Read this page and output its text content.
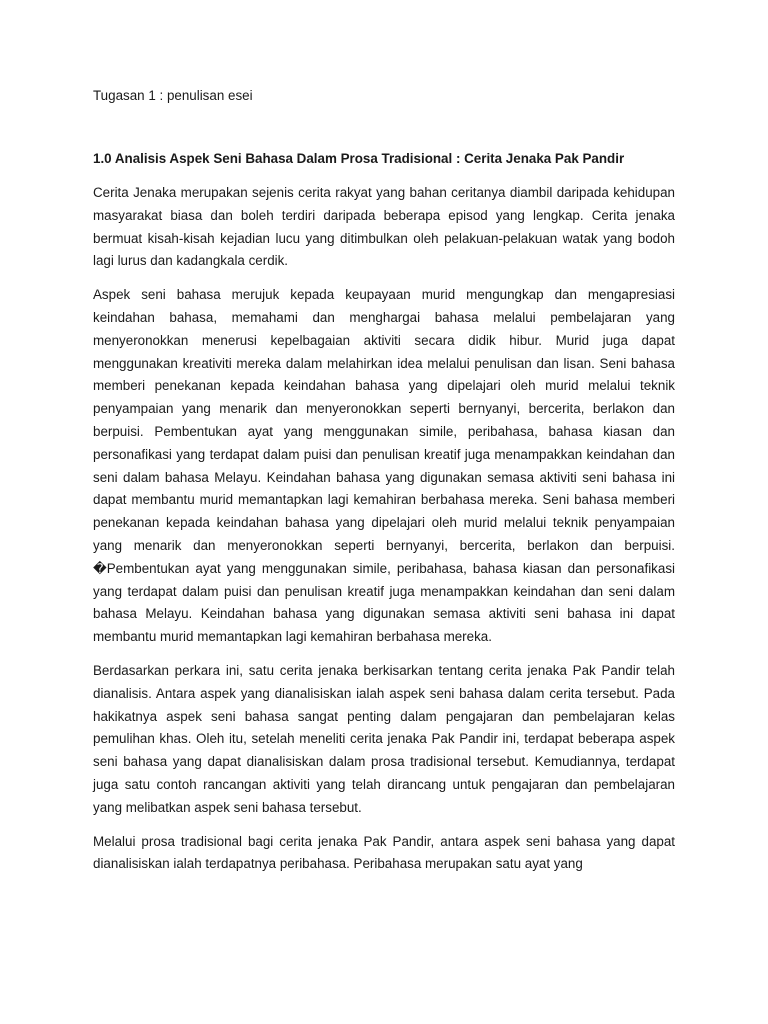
Tugasan 1 : penulisan esei

1.0 Analisis Aspek Seni Bahasa Dalam Prosa Tradisional : Cerita Jenaka Pak Pandir

Cerita Jenaka merupakan sejenis cerita rakyat yang bahan ceritanya diambil daripada kehidupan masyarakat biasa dan boleh terdiri daripada beberapa episod yang lengkap. Cerita jenaka bermuat kisah-kisah kejadian lucu yang ditimbulkan oleh pelakuan-pelakuan watak yang bodoh lagi lurus dan kadangkala cerdik.

Aspek seni bahasa merujuk kepada keupayaan murid mengungkap dan mengapresiasi keindahan bahasa, memahami dan menghargai bahasa melalui pembelajaran yang menyeronokkan menerusi kepelbagaian aktiviti secara didik hibur. Murid juga dapat menggunakan kreativiti mereka dalam melahirkan idea melalui penulisan dan lisan. Seni bahasa memberi penekanan kepada keindahan bahasa yang dipelajari oleh murid melalui teknik penyampaian yang menarik dan menyeronokkan seperti bernyanyi, bercerita, berlakon dan berpuisi. Pembentukan ayat yang menggunakan simile, peribahasa, bahasa kiasan dan personafikasi yang terdapat dalam puisi dan penulisan kreatif juga menampakkan keindahan dan seni dalam bahasa Melayu. Keindahan bahasa yang digunakan semasa aktiviti seni bahasa ini dapat membantu murid memantapkan lagi kemahiran berbahasa mereka. Seni bahasa memberi penekanan kepada keindahan bahasa yang dipelajari oleh murid melalui teknik penyampaian yang menarik dan menyeronokkan seperti bernyanyi, bercerita, berlakon dan berpuisi. �Pembentukan ayat yang menggunakan simile, peribahasa, bahasa kiasan dan personafikasi yang terdapat dalam puisi dan penulisan kreatif juga menampakkan keindahan dan seni dalam bahasa Melayu. Keindahan bahasa yang digunakan semasa aktiviti seni bahasa ini dapat membantu murid memantapkan lagi kemahiran berbahasa mereka.

Berdasarkan perkara ini, satu cerita jenaka berkisarkan tentang cerita jenaka Pak Pandir telah dianalisis. Antara aspek yang dianalisiskan ialah aspek seni bahasa dalam cerita tersebut. Pada hakikatnya aspek seni bahasa sangat penting dalam pengajaran dan pembelajaran kelas pemulihan khas. Oleh itu, setelah meneliti cerita jenaka Pak Pandir ini, terdapat beberapa aspek seni bahasa yang dapat dianalisiskan dalam prosa tradisional tersebut. Kemudiannya, terdapat juga satu contoh rancangan aktiviti yang telah dirancang untuk pengajaran dan pembelajaran yang melibatkan aspek seni bahasa tersebut.

Melalui prosa tradisional bagi cerita jenaka Pak Pandir, antara aspek seni bahasa yang dapat dianalisiskan ialah terdapatnya peribahasa. Peribahasa merupakan satu ayat yang
